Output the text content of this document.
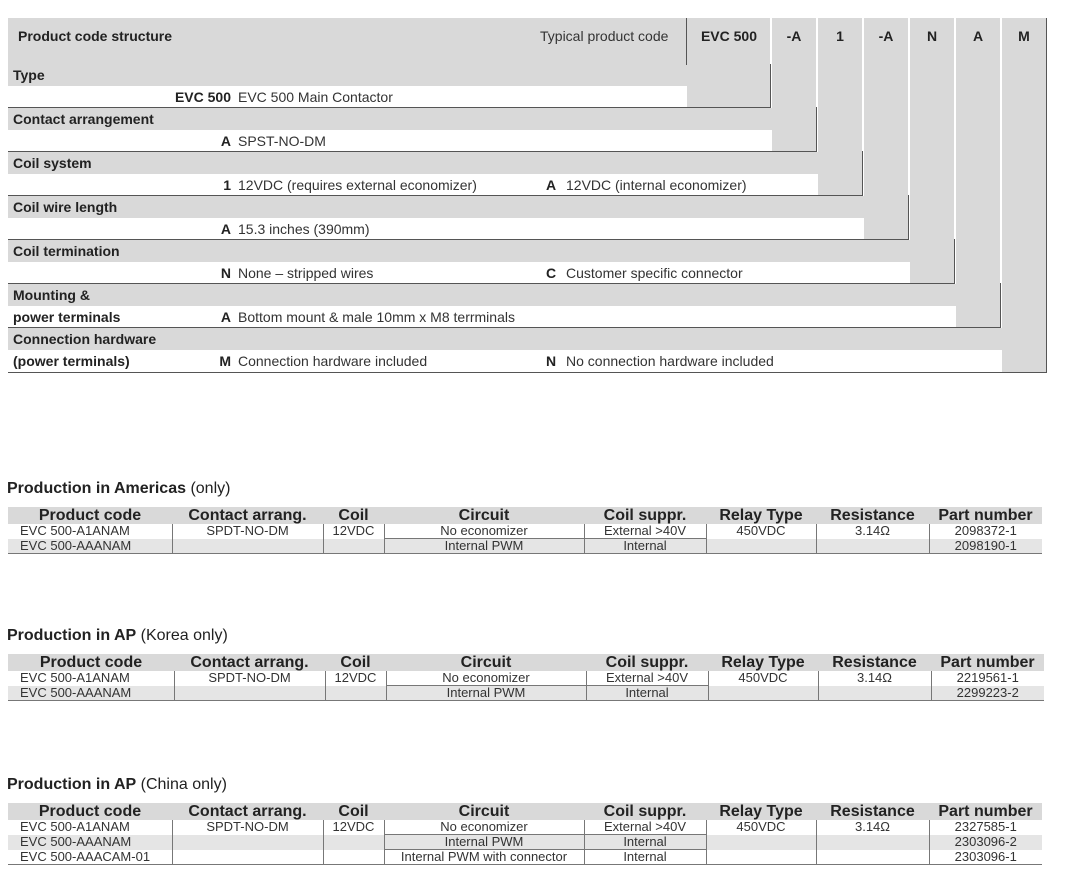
Product code structure	Typical product code	EVC 500	-A	1	-A	N	A	M
Type
EVC 500 EVC 500 Main Contactor
Contact arrangement
A SPST-NO-DM
Coil system
1 12VDC (requires external economizer)	A 12VDC (internal economizer)
Coil wire length
A 15.3 inches (390mm)
Coil termination
N None – stripped wires	C Customer specific connector
Mounting &
power terminals	A Bottom mount & male 10mm x M8 terrminals
Connection hardware
(power terminals)	M Connection hardware included	N No connection hardware included
Production in Americas (only)
Product code	Contact arrang.	Coil	Circuit	Coil suppr.	Relay Type	Resistance	Part number
EVC 500-A1ANAM	SPDT-NO-DM	12VDC	No economizer	External >40V	450VDC	3.14Ω	2098372-1
EVC 500-AAANAM			Internal PWM	Internal			2098190-1
Production in AP (Korea only)
Product code	Contact arrang.	Coil	Circuit	Coil suppr.	Relay Type	Resistance	Part number
EVC 500-A1ANAM	SPDT-NO-DM	12VDC	No economizer	External >40V	450VDC	3.14Ω	2219561-1
EVC 500-AAANAM			Internal PWM	Internal			2299223-2
Production in AP (China only)
Product code	Contact arrang.	Coil	Circuit	Coil suppr.	Relay Type	Resistance	Part number
EVC 500-A1ANAM	SPDT-NO-DM	12VDC	No economizer	External >40V	450VDC	3.14Ω	2327585-1
EVC 500-AAANAM			Internal PWM	Internal			2303096-2
EVC 500-AAACAM-01			Internal PWM with connector	Internal			2303096-1
